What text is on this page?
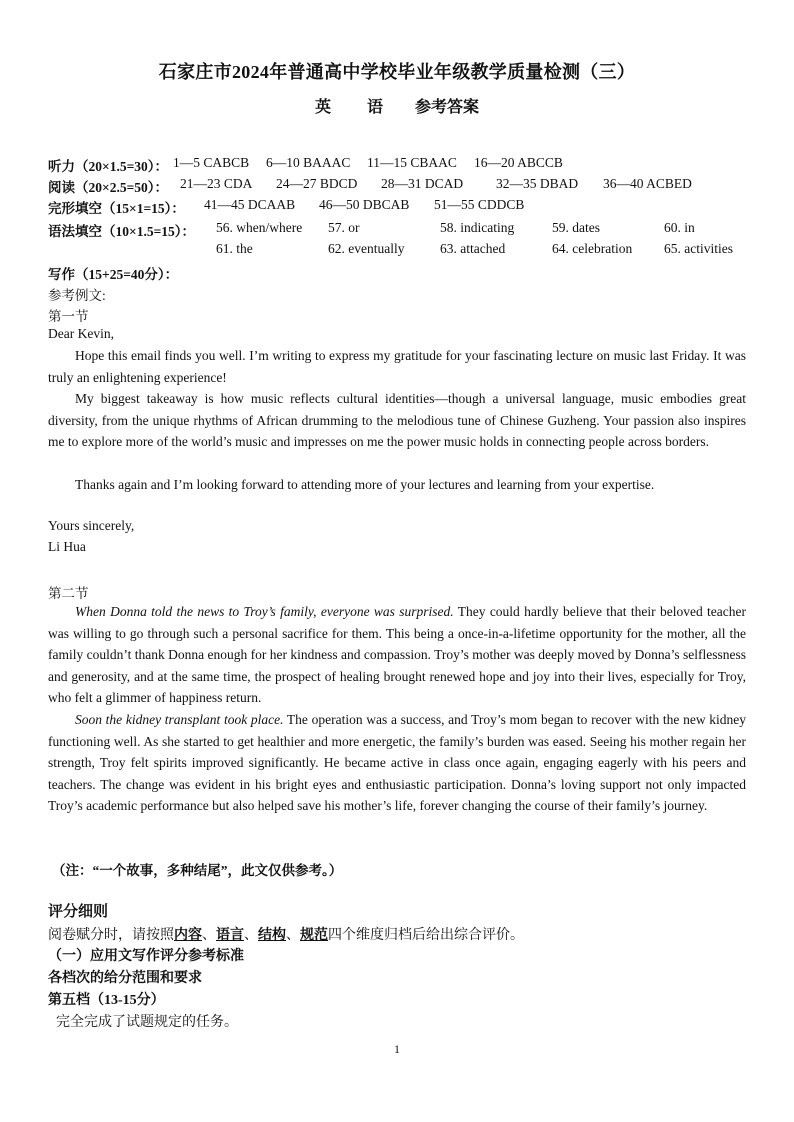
石家庄市2024年普通高中学校毕业年级教学质量检测（三）
英 语 参考答案
听力（20×1.5=30）： 1—5 CABCB 6—10 BAAAC 11—15 CBAAC 16—20 ABCCB
阅读（20×2.5=50）： 21—23 CDA 24—27 BDCD 28—31 DCAD 32—35 DBAD 36—40 ACBED
完形填空（15×1=15）： 41—45 DCAAB 46—50 DBCAB 51—55 CDDCB
语法填空（10×1.5=15）： 56. when/where 57. or	58. indicating	59. dates	60. in
61. the	62. eventually	63. attached	64. celebration 65. activities
写作（15+25=40分）：
参考例文:
第一节
Dear Kevin,

Hope this email finds you well. I’m writing to express my gratitude for your fascinating lecture on music last Friday. It was truly an enlightening experience!

My biggest takeaway is how music reflects cultural identities—though a universal language, music embodies great diversity, from the unique rhythms of African drumming to the melodious tune of Chinese Guzheng. Your passion also inspires me to explore more of the world’s music and impresses on me the power music holds in connecting people across borders.

Thanks again and I’m looking forward to attending more of your lectures and learning from your expertise.

Yours sincerely,
Li Hua
第二节

When Donna told the news to Troy’s family, everyone was surprised. They could hardly believe that their beloved teacher was willing to go through such a personal sacrifice for them. This being a once-in-a-lifetime opportunity for the mother, all the family couldn’t thank Donna enough for her kindness and compassion. Troy’s mother was deeply moved by Donna’s selflessness and generosity, and at the same time, the prospect of healing brought renewed hope and joy into their lives, especially for Troy, who felt a glimmer of happiness return.

Soon the kidney transplant took place. The operation was a success, and Troy’s mom began to recover with the new kidney functioning well. As she started to get healthier and more energetic, the family’s burden was eased. Seeing his mother regain her strength, Troy felt spirits improved significantly. He became active in class once again, engaging eagerly with his peers and teachers. The change was evident in his bright eyes and enthusiastic participation. Donna’s loving support not only impacted Troy’s academic performance but also helped save his mother’s life, forever changing the course of their family’s journey.

（注：“一个故事，多种结尾”，此文仅供参考。）
评分细则
阅卷赋分时，请按照内容、语言、结构、规范四个维度归档后给出综合评价。
（一）应用文写作评分参考标准
各档次的给分范围和要求
第五档（13-15分）
完全完成了试题规定的任务。
1
